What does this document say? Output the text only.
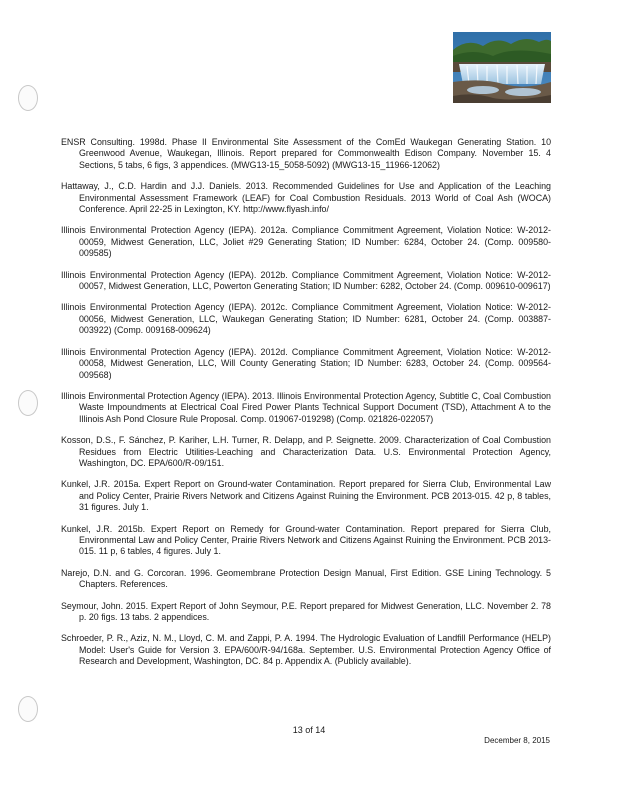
ENSR Consulting. 1998d. Phase II Environmental Site Assessment of the ComEd Waukegan Generating Station. 10 Greenwood Avenue, Waukegan, Illinois. Report prepared for Commonwealth Edison Company. November 15. 4 Sections, 5 tabs, 6 figs, 3 appendices. (MWG13-15_5058-5092) (MWG13-15_11966-12062)

Hattaway, J., C.D. Hardin and J.J. Daniels. 2013. Recommended Guidelines for Use and Application of the Leaching Environmental Assessment Framework (LEAF) for Coal Combustion Residuals. 2013 World of Coal Ash (WOCA) Conference. April 22-25 in Lexington, KY. http://www.flyash.info/

Illinois Environmental Protection Agency (IEPA). 2012a. Compliance Commitment Agreement, Violation Notice: W-2012-00059, Midwest Generation, LLC, Joliet #29 Generating Station; ID Number: 6284, October 24. (Comp. 009580-009585)

Illinois Environmental Protection Agency (IEPA). 2012b. Compliance Commitment Agreement, Violation Notice: W-2012-00057, Midwest Generation, LLC, Powerton Generating Station; ID Number: 6282, October 24. (Comp. 009610-009617)

Illinois Environmental Protection Agency (IEPA). 2012c. Compliance Commitment Agreement, Violation Notice: W-2012-00056, Midwest Generation, LLC, Waukegan Generating Station; ID Number: 6281, October 24. (Comp. 003887-003922) (Comp. 009168-009624)

Illinois Environmental Protection Agency (IEPA). 2012d. Compliance Commitment Agreement, Violation Notice: W-2012-00058, Midwest Generation, LLC, Will County Generating Station; ID Number: 6283, October 24. (Comp. 009564-009568)

Illinois Environmental Protection Agency (IEPA). 2013. Illinois Environmental Protection Agency, Subtitle C, Coal Combustion Waste Impoundments at Electrical Coal Fired Power Plants Technical Support Document (TSD), Attachment A to the Illinois Ash Pond Closure Rule Proposal. Comp. 019067-019298) (Comp. 021826-022057)

Kosson, D.S., F. Sánchez, P. Kariher, L.H. Turner, R. Delapp, and P. Seignette. 2009. Characterization of Coal Combustion Residues from Electric Utilities-Leaching and Characterization Data. U.S. Environmental Protection Agency, Washington, DC. EPA/600/R-09/151.

Kunkel, J.R. 2015a. Expert Report on Ground-water Contamination. Report prepared for Sierra Club, Environmental Law and Policy Center, Prairie Rivers Network and Citizens Against Ruining the Environment. PCB 2013-015. 42 p, 8 tables, 31 figures. July 1.

Kunkel, J.R. 2015b. Expert Report on Remedy for Ground-water Contamination. Report prepared for Sierra Club, Environmental Law and Policy Center, Prairie Rivers Network and Citizens Against Ruining the Environment. PCB 2013-015. 11 p, 6 tables, 4 figures. July 1.

Narejo, D.N. and G. Corcoran. 1996. Geomembrane Protection Design Manual, First Edition. GSE Lining Technology. 5 Chapters. References.

Seymour, John. 2015. Expert Report of John Seymour, P.E. Report prepared for Midwest Generation, LLC. November 2. 78 p. 20 figs. 13 tabs. 2 appendices.

Schroeder, P. R., Aziz, N. M., Lloyd, C. M. and Zappi, P. A. 1994. The Hydrologic Evaluation of Landfill Performance (HELP) Model: User's Guide for Version 3. EPA/600/R-94/168a. September. U.S. Environmental Protection Agency Office of Research and Development, Washington, DC. 84 p. Appendix A. (Publicly available).

13 of 14
December 8, 2015
